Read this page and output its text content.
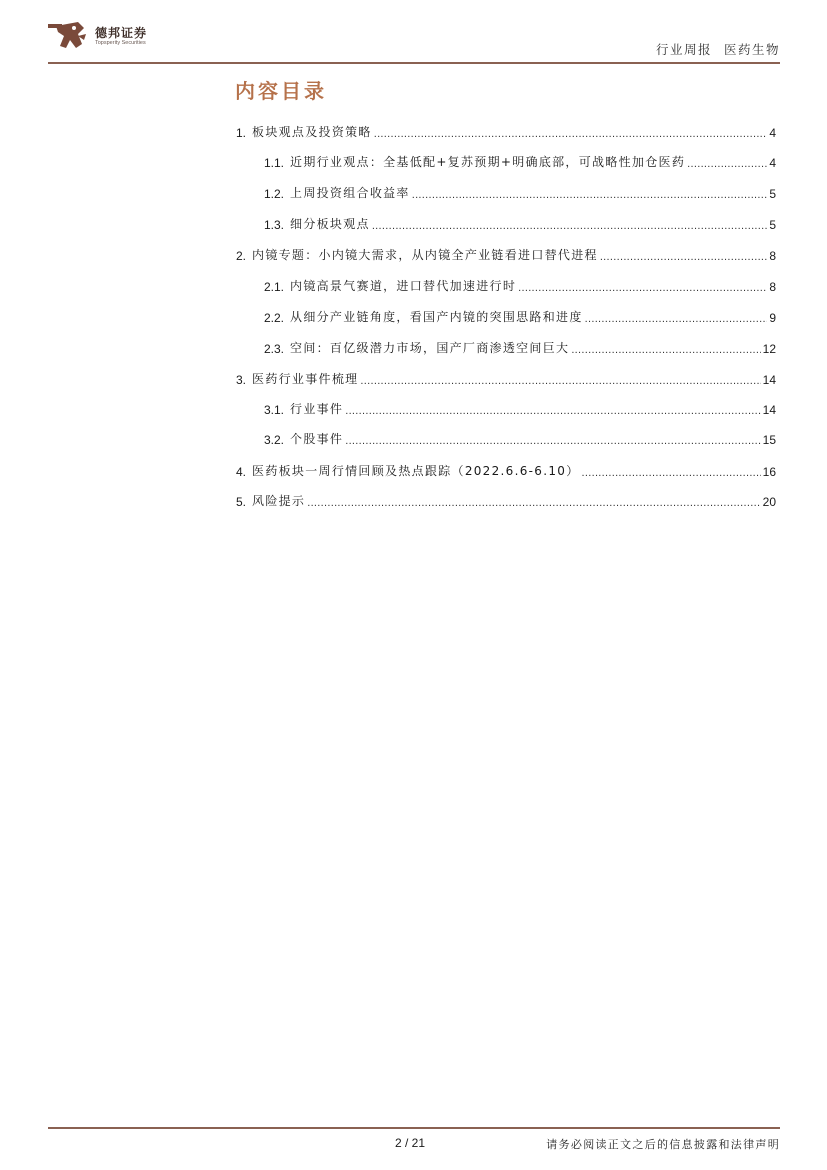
德邦证券
Topsperity Securities	行业周报 医药生物
内容目录
1. 板块观点及投资策略 .....	4
1.1. 近期行业观点：全基低配+复苏预期+明确底部，可战略性加仓医药 .....	4
1.2. 上周投资组合收益率 .....	5
1.3. 细分板块观点 .....	5
2. 内镜专题：小内镜大需求，从内镜全产业链看进口替代进程 .....	8
2.1. 内镜高景气赛道，进口替代加速进行时 .....	8
2.2. 从细分产业链角度，看国产内镜的突围思路和进度 .....	9
2.3. 空间：百亿级潜力市场，国产厂商渗透空间巨大 .....	12
3. 医药行业事件梳理 .....	14
3.1. 行业事件 .....	14
3.2. 个股事件 .....	15
4. 医药板块一周行情回顾及热点跟踪（2022.6.6-6.10） .....	16
5. 风险提示 .....	20
2 / 21	请务必阅读正文之后的信息披露和法律声明
